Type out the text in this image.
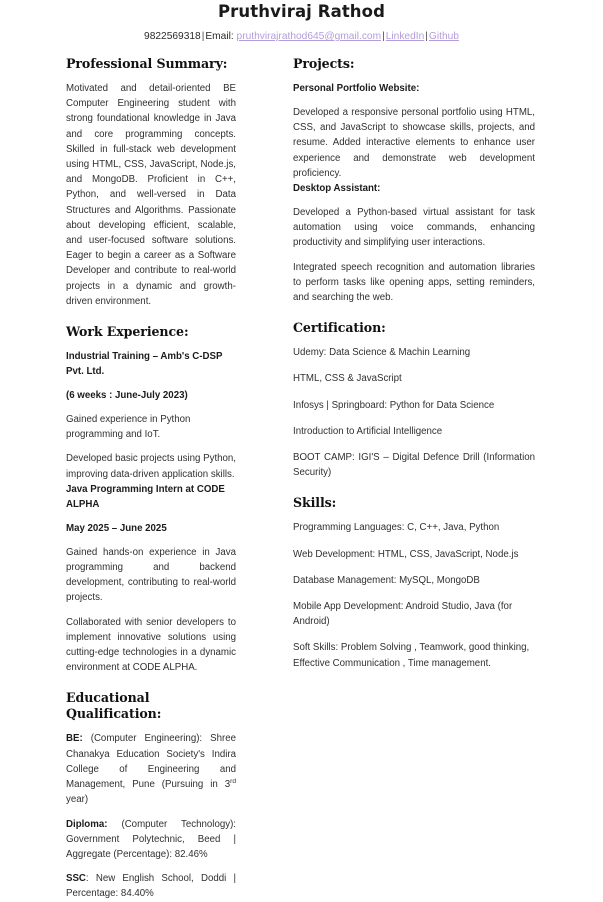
Pruthviraj Rathod
9822569318|Email: pruthvirajrathod645@gmail.com|LinkedIn|Github
Professional Summary:

Motivated and detail-oriented BE Computer Engineering student with strong foundational knowledge in Java and core programming concepts. Skilled in full-stack web development using HTML, CSS, JavaScript, Node.js, and MongoDB. Proficient in C++, Python, and well-versed in Data Structures and Algorithms. Passionate about developing efficient, scalable, and user-focused software solutions. Eager to begin a career as a Software Developer and contribute to real-world projects in a dynamic and growth-driven environment.

Work Experience:
Industrial Training – Amb's C-DSP Pvt. Ltd.
(6 weeks : June-July 2023)

Gained experience in Python programming and IoT.

Developed basic projects using Python, improving data-driven application skills.

Java Programming Intern at CODE ALPHA
May 2025 – June 2025

Gained hands-on experience in Java programming and backend development, contributing to real-world projects.

Collaborated with senior developers to implement innovative solutions using cutting-edge technologies in a dynamic environment at CODE ALPHA.

Educational Qualification:

BE: (Computer Engineering): Shree Chanakya Education Society's Indira College of Engineering and Management, Pune (Pursuing in 3rd year)

Diploma: (Computer Technology): Government Polytechnic, Beed | Aggregate (Percentage): 82.46%

SSC: New English School, Doddi | Percentage: 84.40%

Projects:
Personal Portfolio Website:

Developed a responsive personal portfolio using HTML, CSS, and JavaScript to showcase skills, projects, and resume. Added interactive elements to enhance user experience and demonstrate web development proficiency.

Desktop Assistant:

Developed a Python-based virtual assistant for task automation using voice commands, enhancing productivity and simplifying user interactions.

Integrated speech recognition and automation libraries to perform tasks like opening apps, setting reminders, and searching the web.

Certification:
Udemy: Data Science & Machin Learning
HTML, CSS & JavaScript
Infosys | Springboard: Python for Data Science
Introduction to Artificial Intelligence
BOOT CAMP: IGI'S – Digital Defence Drill (Information Security)
Skills:
Programming Languages: C, C++, Java, Python
Web Development: HTML, CSS, JavaScript, Node.js
Database Management: MySQL, MongoDB
Mobile App Development: Android Studio, Java (for Android)
Soft Skills: Problem Solving , Teamwork, good thinking, Effective Communication , Time management.
